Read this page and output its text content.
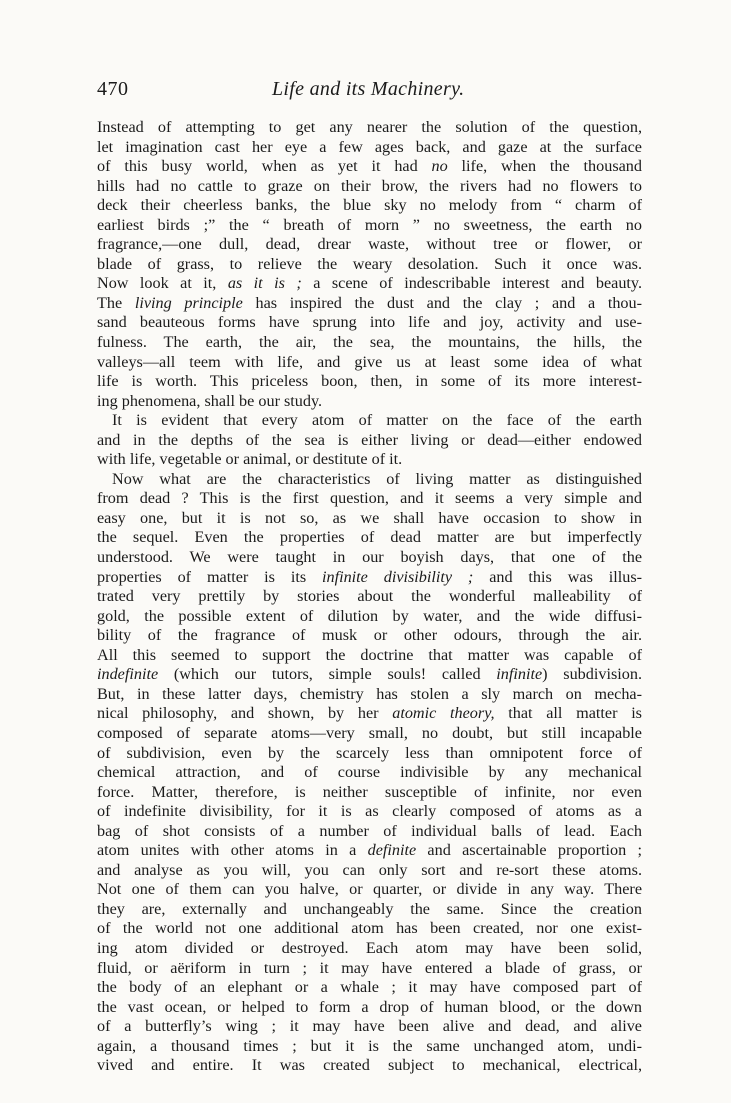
470	Life and its Machinery.
Instead of attempting to get any nearer the solution of the question,
let imagination cast her eye a few ages back, and gaze at the surface
of this busy world, when as yet it had no life, when the thousand
hills had no cattle to graze on their brow, the rivers had no flowers to
deck their cheerless banks, the blue sky no melody from “ charm of
earliest birds ;” the “ breath of morn ” no sweetness, the earth no
fragrance,—one dull, dead, drear waste, without tree or flower, or
blade of grass, to relieve the weary desolation. Such it once was.
Now look at it, as it is ; a scene of indescribable interest and beauty.
The living principle has inspired the dust and the clay ; and a thou-
sand beauteous forms have sprung into life and joy, activity and use-
fulness. The earth, the air, the sea, the mountains, the hills, the
valleys—all teem with life, and give us at least some idea of what
life is worth. This priceless boon, then, in some of its more interest-
ing phenomena, shall be our study.
It is evident that every atom of matter on the face of the earth
and in the depths of the sea is either living or dead—either endowed
with life, vegetable or animal, or destitute of it.
Now what are the characteristics of living matter as distinguished
from dead ? This is the first question, and it seems a very simple and
easy one, but it is not so, as we shall have occasion to show in
the sequel. Even the properties of dead matter are but imperfectly
understood. We were taught in our boyish days, that one of the
properties of matter is its infinite divisibility ; and this was illus-
trated very prettily by stories about the wonderful malleability of
gold, the possible extent of dilution by water, and the wide diffusi-
bility of the fragrance of musk or other odours, through the air.
All this seemed to support the doctrine that matter was capable of
indefinite (which our tutors, simple souls! called infinite) subdivision.
But, in these latter days, chemistry has stolen a sly march on mecha-
nical philosophy, and shown, by her atomic theory, that all matter is
composed of separate atoms—very small, no doubt, but still incapable
of subdivision, even by the scarcely less than omnipotent force of
chemical attraction, and of course indivisible by any mechanical
force. Matter, therefore, is neither susceptible of infinite, nor even
of indefinite divisibility, for it is as clearly composed of atoms as a
bag of shot consists of a number of individual balls of lead. Each
atom unites with other atoms in a definite and ascertainable proportion ;
and analyse as you will, you can only sort and re-sort these atoms.
Not one of them can you halve, or quarter, or divide in any way. There
they are, externally and unchangeably the same. Since the creation
of the world not one additional atom has been created, nor one exist-
ing atom divided or destroyed. Each atom may have been solid,
fluid, or aëriform in turn ; it may have entered a blade of grass, or
the body of an elephant or a whale ; it may have composed part of
the vast ocean, or helped to form a drop of human blood, or the down
of a butterfly’s wing ; it may have been alive and dead, and alive
again, a thousand times ; but it is the same unchanged atom, undi-
vived and entire. It was created subject to mechanical, electrical,
